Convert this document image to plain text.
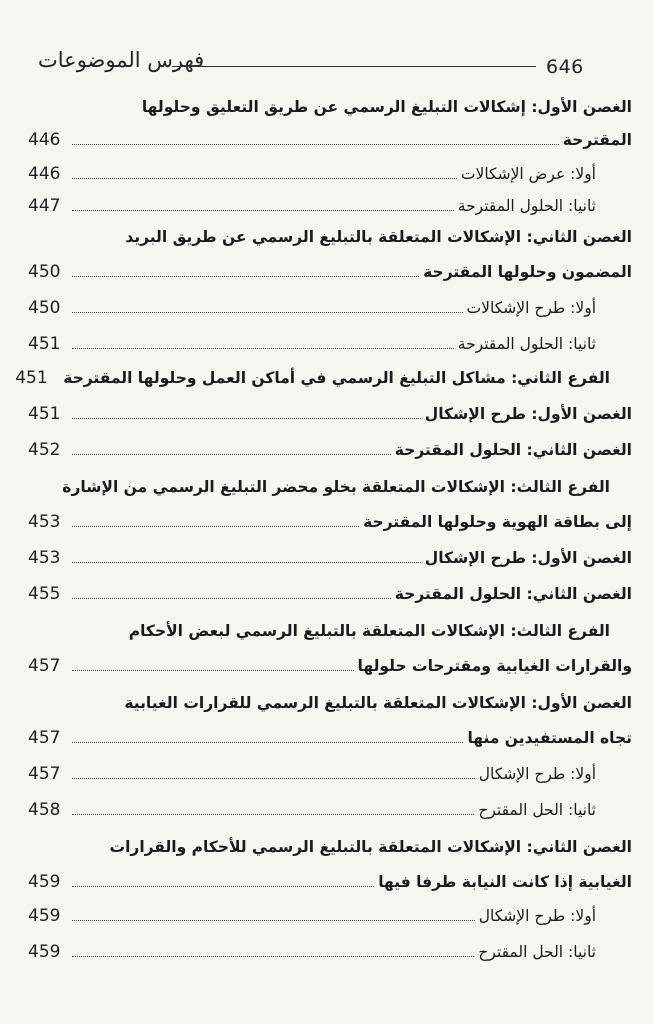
فهرس الموضوعات	646
الغصن الأول: إشكالات التبليغ الرسمي عن طريق التعليق وحلولها
المقترحة
446
أولا: عرض الإشكالات
446
ثانيا: الحلول المقترحة
447
الغصن الثاني: الإشكالات المتعلقة بالتبليغ الرسمي عن طريق البريد
المضمون وحلولها المقترحة
450
أولا: طرح الإشكالات
450
ثانيا: الحلول المقترحة
451
الفرع الثاني: مشاكل التبليغ الرسمي في أماكن العمل وحلولها المقترحة
451
الغصن الأول: طرح الإشكال
451
الغصن الثاني: الحلول المقترحة
452
الفرع الثالث: الإشكالات المتعلقة بخلو محضر التبليغ الرسمي من الإشارة
إلى بطاقة الهوية وحلولها المقترحة
453
الغصن الأول: طرح الإشكال
453
الغصن الثاني: الحلول المقترحة
455
الفرع الثالث: الإشكالات المتعلقة بالتبليغ الرسمي لبعض الأحكام
والقرارات الغيابية ومقترحات حلولها
457
الغصن الأول: الإشكالات المتعلقة بالتبليغ الرسمي للقرارات الغيابية
تجاه المستفيدين منها
457
أولا: طرح الإشكال
457
ثانيا: الحل المقترح
458
الغصن الثاني: الإشكالات المتعلقة بالتبليغ الرسمي للأحكام والقرارات
الغيابية إذا كانت النيابة طرفا فيها
459
أولا: طرح الإشكال
459
ثانيا: الحل المقترح
459
